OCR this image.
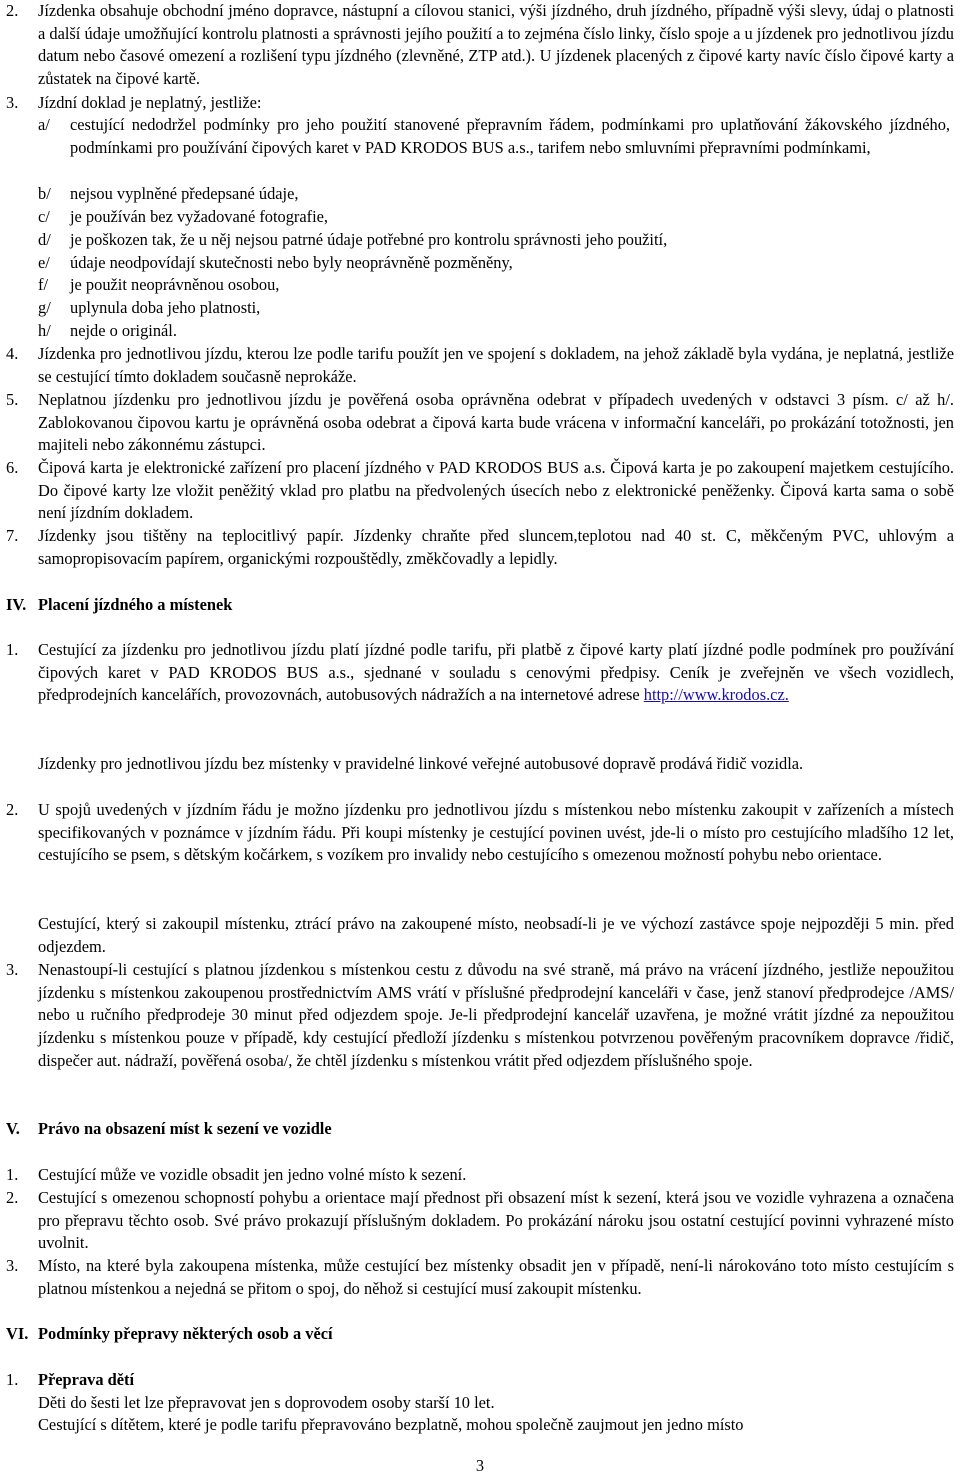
2. Jízdenka obsahuje obchodní jméno dopravce, nástupní a cílovou stanici, výši jízdného, druh jízdného, případně výši slevy, údaj o platnosti a další údaje umožňující kontrolu platnosti a správnosti jejího použití a to zejména číslo linky, číslo spoje a u jízdenek pro jednotlivou jízdu datum nebo časové omezení a rozlišení typu jízdného (zlevněné, ZTP atd.). U jízdenek placených z čipové karty navíc číslo čipové karty a zůstatek na čipové kartě.

3. Jízdní doklad je neplatný, jestliže:

a/ cestující nedodržel podmínky pro jeho použití stanovené přepravním řádem, podmínkami pro uplatňování žákovského jízdného, podmínkami pro používání čipových karet v PAD KRODOS BUS a.s., tarifem nebo smluvními přepravními podmínkami,

b/ nejsou vyplněné předepsané údaje,

c/ je používán bez vyžadované fotografie,

d/ je poškozen tak, že u něj nejsou patrné údaje potřebné pro kontrolu správnosti jeho použití,

e/ údaje neodpovídají skutečnosti nebo byly neoprávněně pozměněny,

f/ je použit neoprávněnou osobou,

g/ uplynula doba jeho platnosti,

h/ nejde o originál.

4. Jízdenka pro jednotlivou jízdu, kterou lze podle tarifu použít jen ve spojení s dokladem, na jehož základě byla vydána, je neplatná, jestliže se cestující tímto dokladem současně neprokáže.

5. Neplatnou jízdenku pro jednotlivou jízdu je pověřená osoba oprávněna odebrat v případech uvedených v odstavci 3 písm. c/ až h/. Zablokovanou čipovou kartu je oprávněná osoba odebrat a čipová karta bude vrácena v informační kanceláři, po prokázání totožnosti, jen majiteli nebo zákonnému zástupci.

6. Čipová karta je elektronické zařízení pro placení jízdného v PAD KRODOS BUS a.s. Čipová karta je po zakoupení majetkem cestujícího. Do čipové karty lze vložit peněžitý vklad pro platbu na předvolených úsecích nebo z elektronické peněženky. Čipová karta sama o sobě není jízdním dokladem.

7. Jízdenky jsou tištěny na teplocitlivý papír. Jízdenky chraňte před sluncem,teplotou nad 40 st. C, měkčeným PVC, uhlovým a samopropisovacím papírem, organickými rozpouštědly, změkčovadly a lepidly.

IV. Placení jízdného a místenek
1. Cestující za jízdenku pro jednotlivou jízdu platí jízdné podle tarifu, při platbě z čipové karty platí jízdné podle podmínek pro používání čipových karet v PAD KRODOS BUS a.s., sjednané v souladu s cenovými předpisy. Ceník je zveřejněn ve všech vozidlech, předprodejních kancelářích, provozovnách, autobusových nádražích a na internetové adrese http://www.krodos.cz.

Jízdenky pro jednotlivou jízdu bez místenky v pravidelné linkové veřejné autobusové dopravě prodává řidič vozidla.

2. U spojů uvedených v jízdním řádu je možno jízdenku pro jednotlivou jízdu s místenkou nebo místenku zakoupit v zařízeních a místech specifikovaných v poznámce v jízdním řádu. Při koupi místenky je cestující povinen uvést, jde-li o místo pro cestujícího mladšího 12 let, cestujícího se psem, s dětským kočárkem, s vozíkem pro invalidy nebo cestujícího s omezenou možností pohybu nebo orientace.

Cestující, který si zakoupil místenku, ztrácí právo na zakoupené místo, neobsadí-li je ve výchozí zastávce spoje nejpozději 5 min. před odjezdem.

3. Nenastoupí-li cestující s platnou jízdenkou s místenkou cestu z důvodu na své straně, má právo na vrácení jízdného, jestliže nepoužitou jízdenku s místenkou zakoupenou prostřednictvím AMS vrátí v příslušné předprodejní kanceláři v čase, jenž stanoví předprodejce /AMS/ nebo u ručního předprodeje 30 minut před odjezdem spoje. Je-li předprodejní kancelář uzavřena, je možné vrátit jízdné za nepoužitou jízdenku s místenkou pouze v případě, kdy cestující předloží jízdenku s místenkou potvrzenou pověřeným pracovníkem dopravce /řidič, dispečer aut. nádraží, pověřená osoba/, že chtěl jízdenku s místenkou vrátit před odjezdem příslušného spoje.

V. Právo na obsazení míst k sezení ve vozidle
1. Cestující může ve vozidle obsadit jen jedno volné místo k sezení.

2. Cestující s omezenou schopností pohybu a orientace mají přednost při obsazení míst k sezení, která jsou ve vozidle vyhrazena a označena pro přepravu těchto osob. Své právo prokazují příslušným dokladem. Po prokázání nároku jsou ostatní cestující povinni vyhrazené místo uvolnit.

3. Místo, na které byla zakoupena místenka, může cestující bez místenky obsadit jen v případě, není-li nárokováno toto místo cestujícím s platnou místenkou a nejedná se přitom o spoj, do něhož si cestující musí zakoupit místenku.

VI. Podmínky přepravy některých osob a věcí
1. Přeprava dětí

Děti do šesti let lze přepravovat jen s doprovodem osoby starší 10 let.

Cestující s dítětem, které je podle tarifu přepravováno bezplatně, mohou společně zaujmout jen jedno místo

3
